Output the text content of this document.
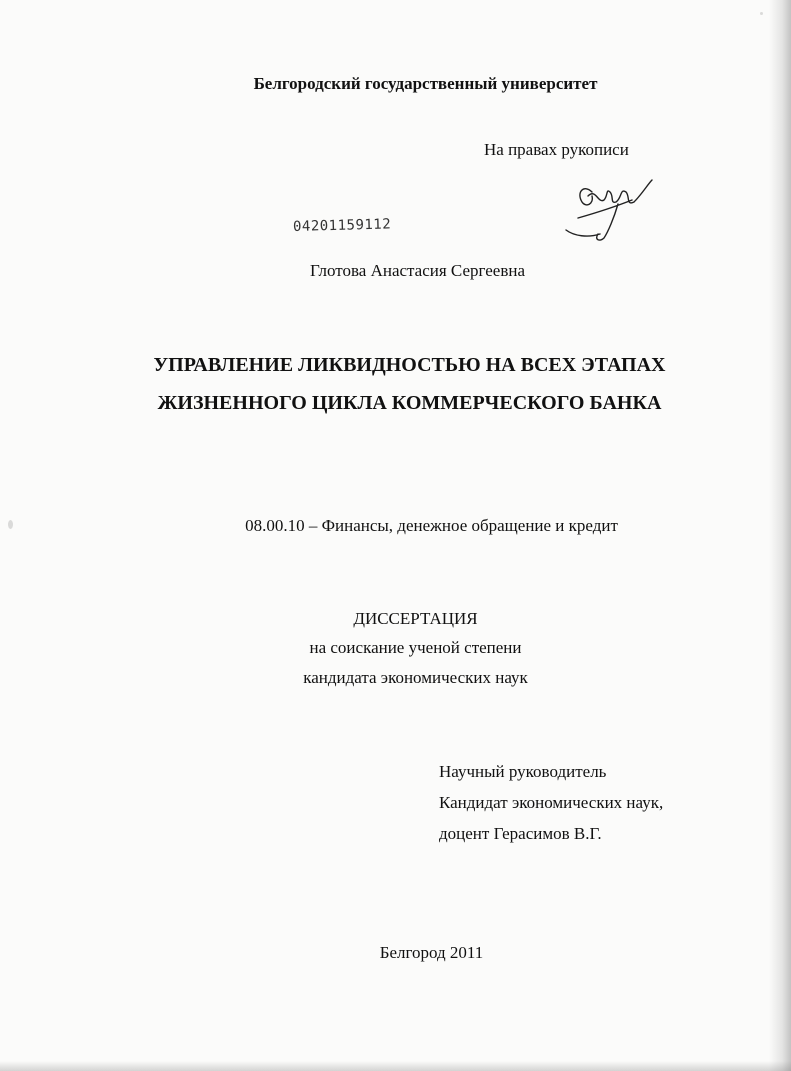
Белгородский государственный университет
На правах рукописи
04201159112
Глотова Анастасия Сергеевна
УПРАВЛЕНИЕ ЛИКВИДНОСТЬЮ НА ВСЕХ ЭТАПАХ
ЖИЗНЕННОГО ЦИКЛА КОММЕРЧЕСКОГО БАНКА
08.00.10 – Финансы, денежное обращение и кредит
ДИССЕРТАЦИЯ
на соискание ученой степени
кандидата экономических наук
Научный руководитель
Кандидат экономических наук,
доцент Герасимов В.Г.
Белгород 2011
